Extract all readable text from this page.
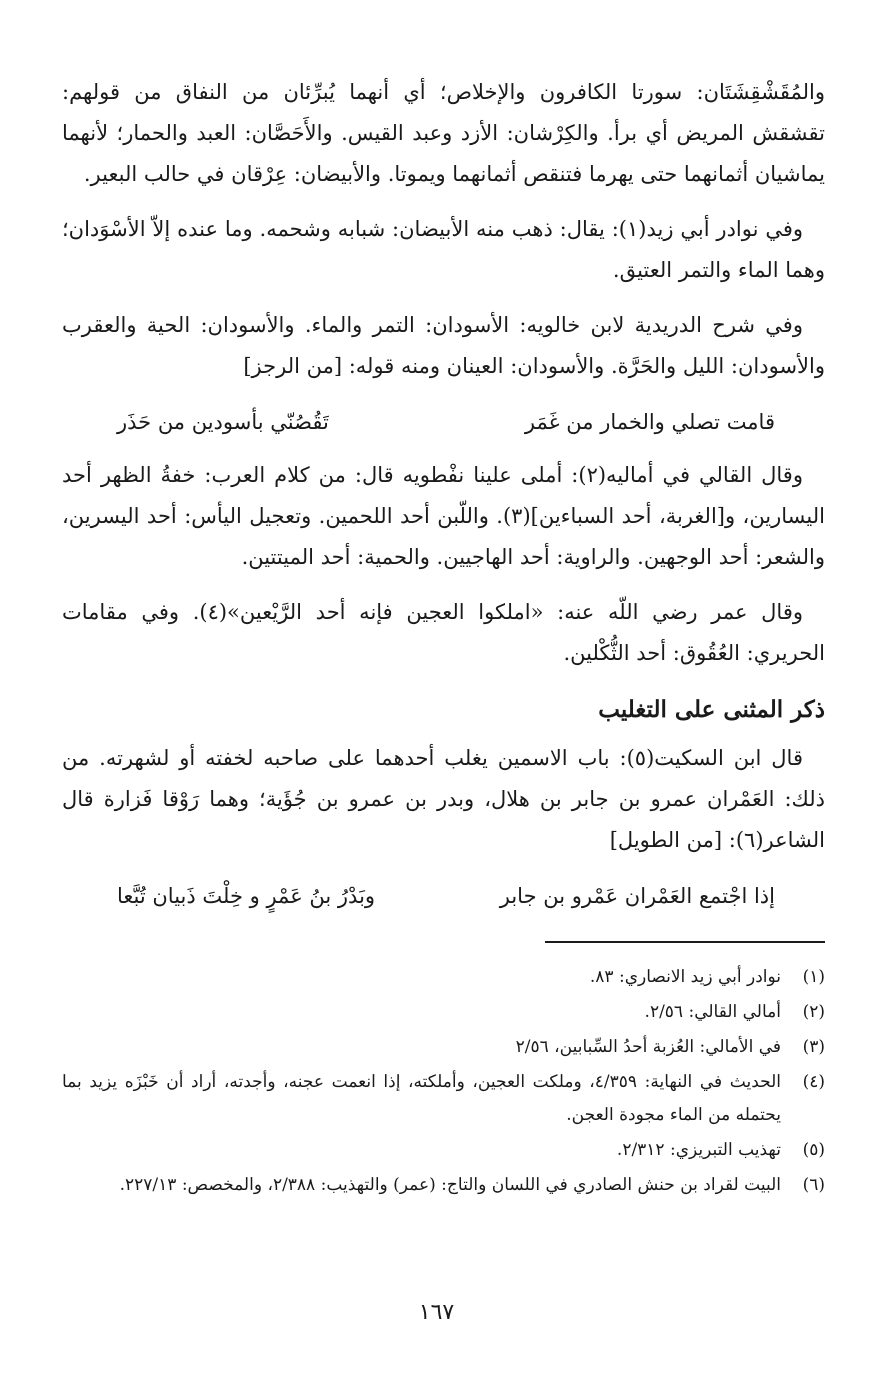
والمُقَشْقِشَتَان: سورتا الكافرون والإخلاص؛ أي أنهما يُبرِّئان من النفاق من قولهم: تقشقش المريض أي برأ. والكِرْشان: الأزد وعبد القيس. والأَحَصَّان: العبد والحمار؛ لأنهما يماشيان أثمانهما حتى يهرما فتنقص أثمانهما ويموتا. والأبيضان: عِرْقان في حالب البعير.

وفي نوادر أبي زيد(١): يقال: ذهب منه الأبيضان: شبابه وشحمه. وما عنده إلاّ الأسْوَدان؛ وهما الماء والتمر العتيق.

وفي شرح الدريدية لابن خالويه: الأسودان: التمر والماء. والأسودان: الحية والعقرب والأسودان: الليل والحَرَّة. والأسودان: العينان ومنه قوله: [من الرجز]

قامت تصلي والخمار من غَمَر
تَقُصُنّي بأسودين من حَذَر

وقال القالي في أماليه(٢): أملى علينا نفْطويه قال: من كلام العرب: خفةُ الظهر أحد اليسارين، و[الغربة، أحد السباءين](٣). واللّبن أحد اللحمين. وتعجيل اليأس: أحد اليسرين، والشعر: أحد الوجهين. والراوية: أحد الهاجيين. والحمية: أحد الميتتين.

وقال عمر رضي اللّه عنه: «املكوا العجين فإنه أحد الرَّيْعين»(٤). وفي مقامات الحريري: العُقُوق: أحد الثُّكْلين.

ذكر المثنى على التغليب

قال ابن السكيت(٥): باب الاسمين يغلب أحدهما على صاحبه لخفته أو لشهرته. من ذلك: العَمْران عمرو بن جابر بن هلال، وبدر بن عمرو بن جُؤَية؛ وهما رَوْقا فَزارة قال الشاعر(٦): [من الطويل]

إذا اجْتمع العَمْران عَمْرو بن جابر
وبَدْرُ بنُ عَمْرٍ و خِلْتَ ذَبيان تُبَّعا
(١)
نوادر أبي زيد الانصاري: ٨٣.
(٢)
أمالي القالي: ٢/٥٦.
(٣)
في الأمالي: العُزبة أحدُ السِّبابين، ٢/٥٦
(٤)
الحديث في النهاية: ٤/٣٥٩، وملكت العجين، وأملكته، إذا انعمت عجنه، وأجدته، أراد أن خَبْزَه يزيد بما يحتمله من الماء مجودة العجن.
(٥)
تهذيب التبريزي: ٢/٣١٢.
(٦)
البيت لقراد بن حنش الصادري في اللسان والتاج: (عمر) والتهذيب: ٢/٣٨٨، والمخصص: ٢٢٧/١٣.
١٦٧
